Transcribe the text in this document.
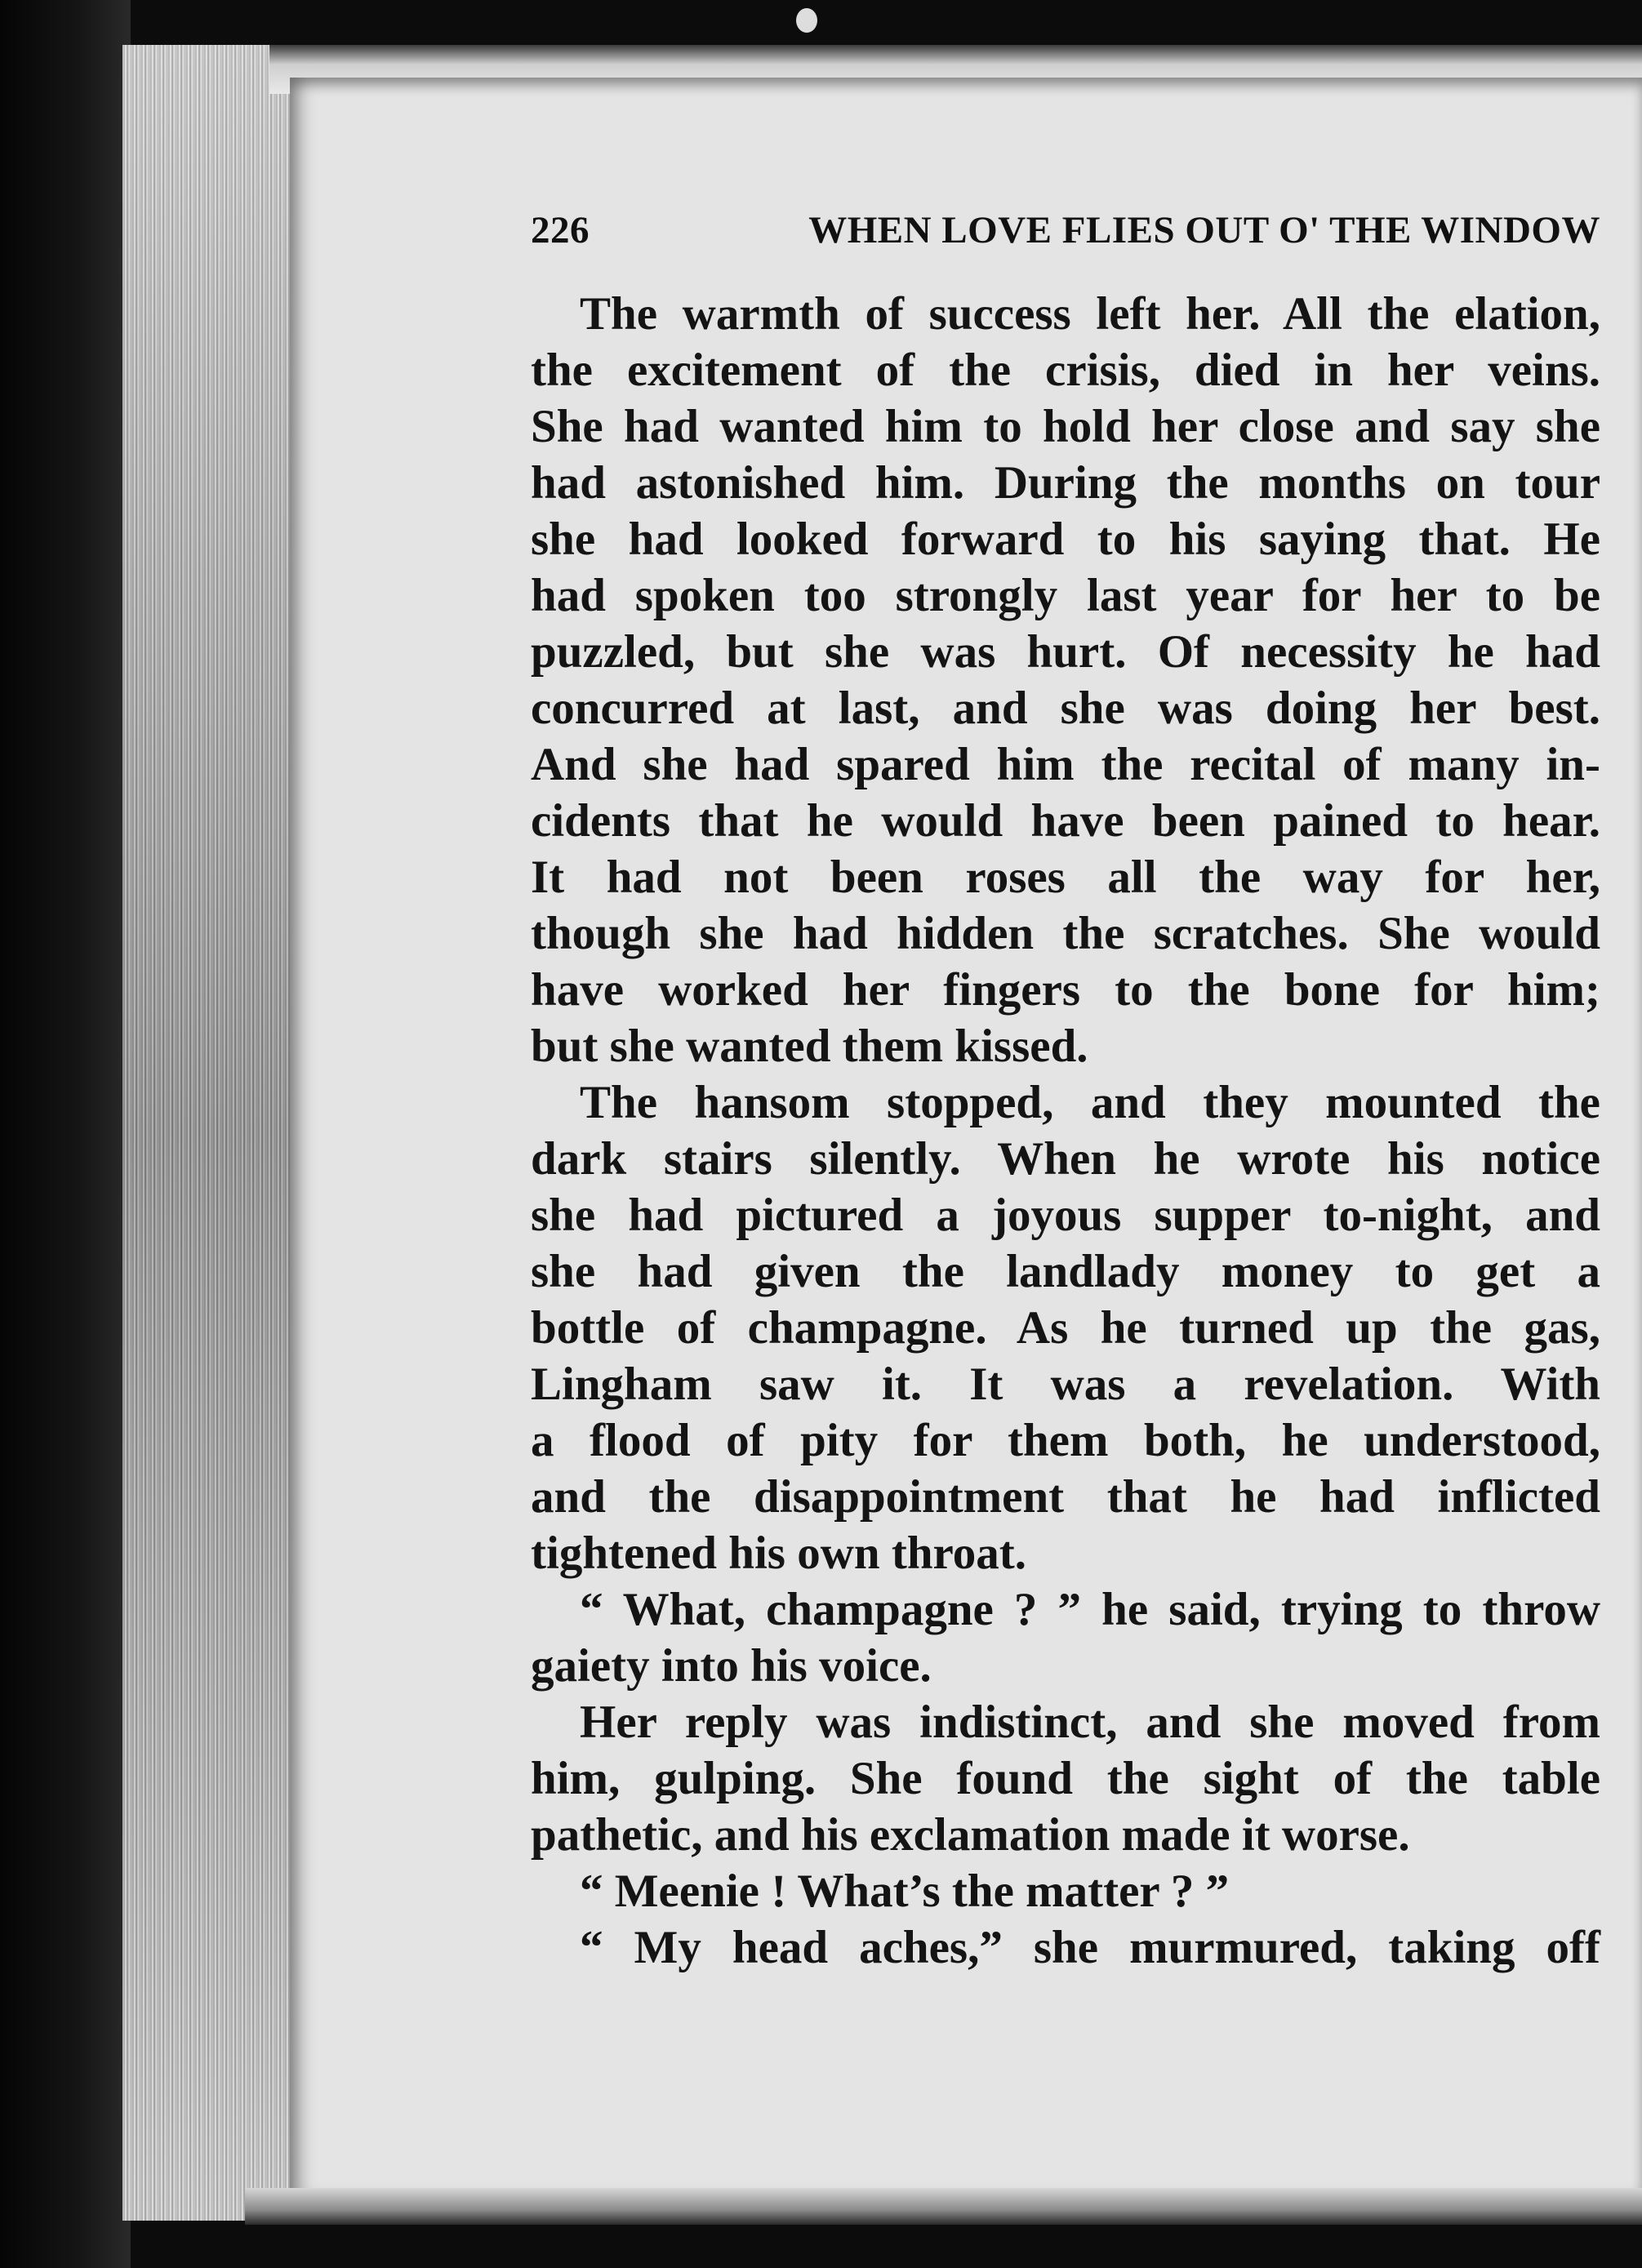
226	WHEN LOVE FLIES OUT O' THE WINDOW
The warmth of success left her. All the elation,
the excitement of the crisis, died in her veins.
She had wanted him to hold her close and say she
had astonished him. During the months on tour
she had looked forward to his saying that. He
had spoken too strongly last year for her to be
puzzled, but she was hurt. Of necessity he had
concurred at last, and she was doing her best.
And she had spared him the recital of many in-
cidents that he would have been pained to hear.
It had not been roses all the way for her,
though she had hidden the scratches. She would
have worked her fingers to the bone for him;
but she wanted them kissed.
The hansom stopped, and they mounted the
dark stairs silently. When he wrote his notice
she had pictured a joyous supper to-night, and
she had given the landlady money to get a
bottle of champagne. As he turned up the gas,
Lingham saw it. It was a revelation. With
a flood of pity for them both, he understood,
and the disappointment that he had inflicted
tightened his own throat.
“ What, champagne ? ” he said, trying to throw
gaiety into his voice.
Her reply was indistinct, and she moved from
him, gulping. She found the sight of the table
pathetic, and his exclamation made it worse.
“ Meenie ! What’s the matter ? ”
“ My head aches,” she murmured, taking off
